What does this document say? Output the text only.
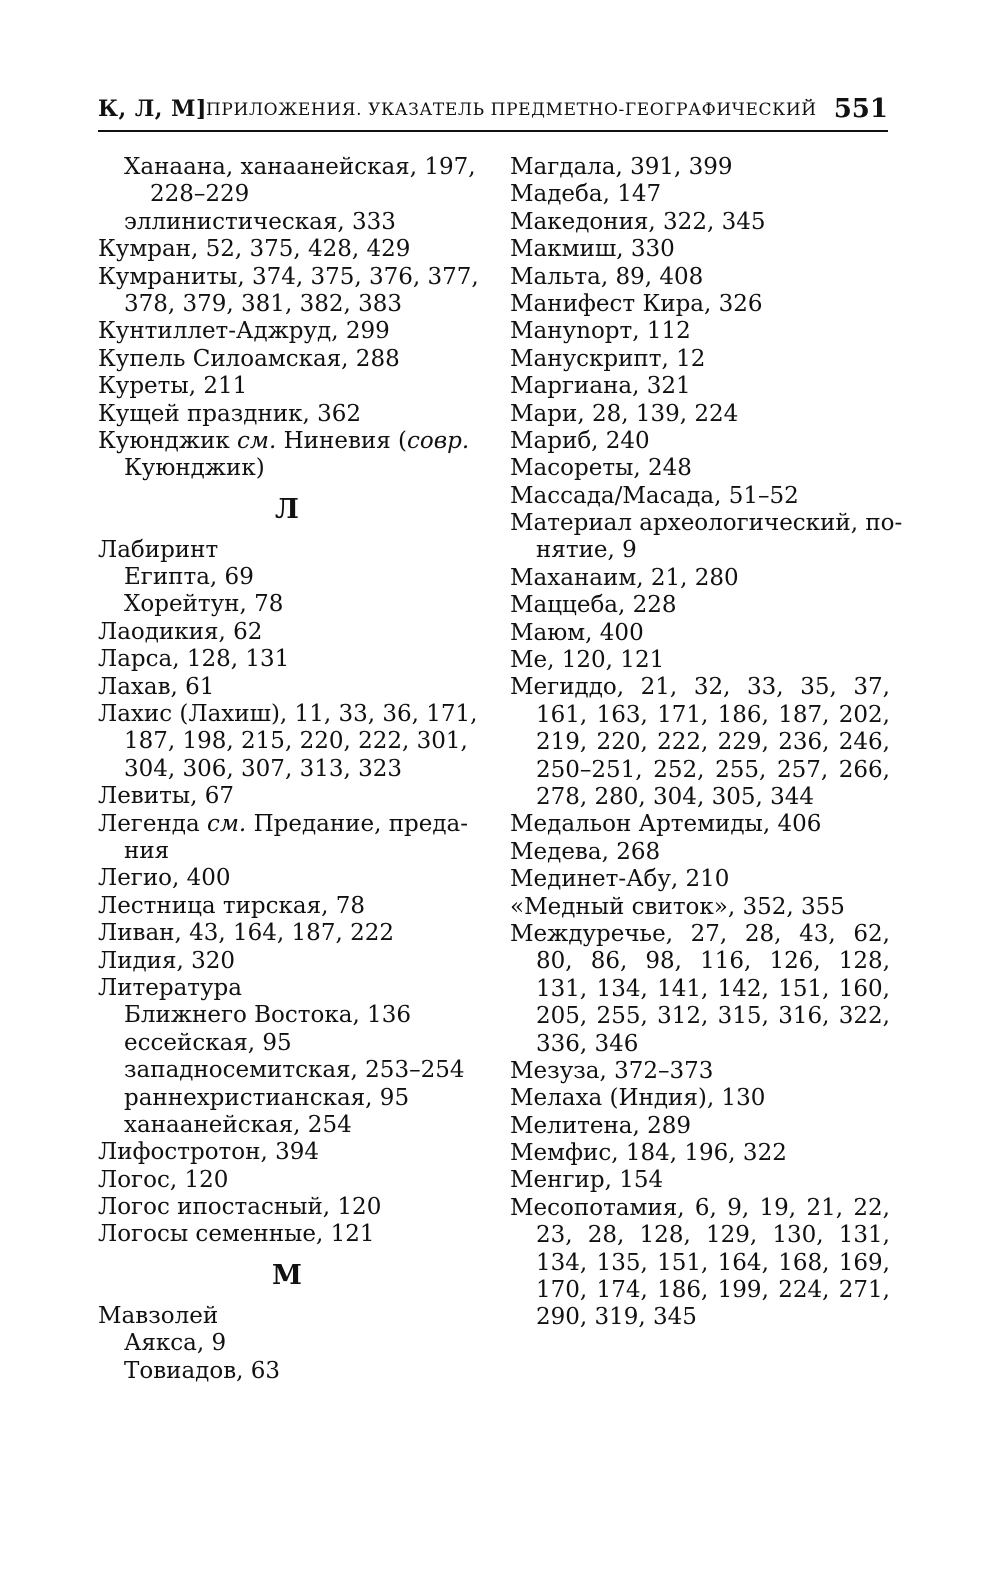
К, Л, М] ПРИЛОЖЕНИЯ. УКАЗАТЕЛЬ ПРЕДМЕТНО-ГЕОГРАФИЧЕСКИЙ 551
Ханаана, ханаанейская, 197,
228–229
эллинистическая, 333
Кумран, 52, 375, 428, 429
Кумраниты, 374, 375, 376, 377,
378, 379, 381, 382, 383
Кунтиллет-Аджруд, 299
Купель Силоамская, 288
Куреты, 211
Кущей праздник, 362
Куюнджик см. Ниневия (совр.
Куюнджик)
Л
Лабиринт
Египта, 69
Хорейтун, 78
Лаодикия, 62
Ларса, 128, 131
Лахав, 61
Лахис (Лахиш), 11, 33, 36, 171,
187, 198, 215, 220, 222, 301,
304, 306, 307, 313, 323
Левиты, 67
Легенда см. Предание, преда-
ния
Легио, 400
Лестница тирская, 78
Ливан, 43, 164, 187, 222
Лидия, 320
Литература
Ближнего Востока, 136
ессейская, 95
западносемитская, 253–254
раннехристианская, 95
ханаанейская, 254
Лифостротон, 394
Логос, 120
Логос ипостасный, 120
Логосы семенные, 121
М
Мавзолей
Аякса, 9
Товиадов, 63
Магдала, 391, 399
Мадеба, 147
Македония, 322, 345
Макмиш, 330
Мальта, 89, 408
Манифест Кира, 326
Мануnорт, 112
Манускрипт, 12
Маргиана, 321
Мари, 28, 139, 224
Мариб, 240
Масореты, 248
Массада/Масада, 51–52
Материал археологический, по-
нятие, 9
Маханаим, 21, 280
Маццеба, 228
Маюм, 400
Ме, 120, 121
Мегиддо, 21, 32, 33, 35, 37,
161, 163, 171, 186, 187, 202,
219, 220, 222, 229, 236, 246,
250–251, 252, 255, 257, 266,
278, 280, 304, 305, 344
Медальон Артемиды, 406
Медева, 268
Мединет-Абу, 210
«Медный свиток», 352, 355
Междуречье, 27, 28, 43, 62,
80, 86, 98, 116, 126, 128,
131, 134, 141, 142, 151, 160,
205, 255, 312, 315, 316, 322,
336, 346
Мезуза, 372–373
Мелаха (Индия), 130
Мелитена, 289
Мемфис, 184, 196, 322
Менгир, 154
Месопотамия, 6, 9, 19, 21, 22,
23, 28, 128, 129, 130, 131,
134, 135, 151, 164, 168, 169,
170, 174, 186, 199, 224, 271,
290, 319, 345
